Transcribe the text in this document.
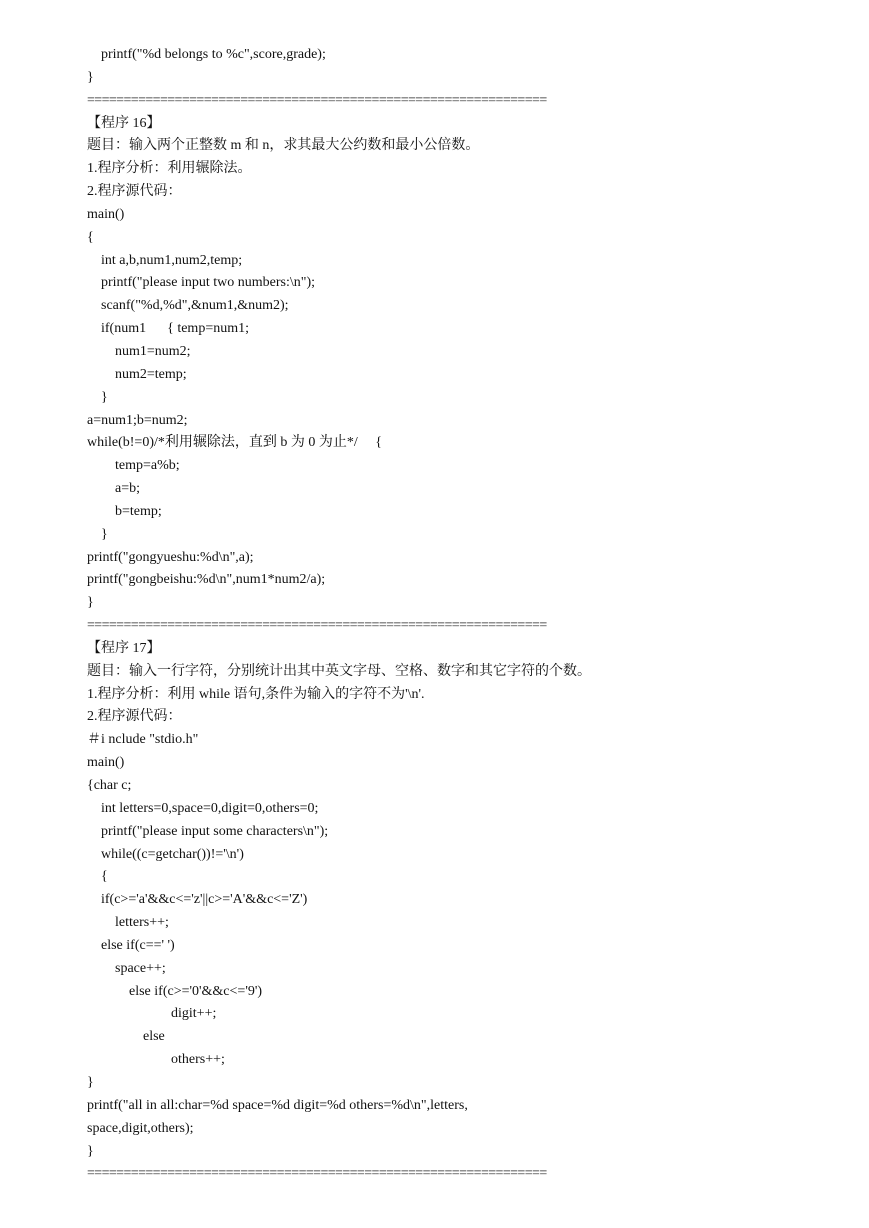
printf("%d belongs to %c",score,grade);
}
===============================================================
【程序 16】
题目：输入两个正整数 m 和 n，求其最大公约数和最小公倍数。
1.程序分析：利用辗除法。
2.程序源代码：
main()
{
int a,b,num1,num2,temp;
printf("please input two numbers:\n");
scanf("%d,%d",&num1,&num2);
if(num1      { temp=num1;
num1=num2;
num2=temp;
}
a=num1;b=num2;
while(b!=0)/*利用辗除法，直到 b 为 0 为止*/     {
temp=a%b;
a=b;
b=temp;
}
printf("gongyueshu:%d\n",a);
printf("gongbeishu:%d\n",num1*num2/a);
}
===============================================================
【程序 17】
题目：输入一行字符，分别统计出其中英文字母、空格、数字和其它字符的个数。
1.程序分析：利用 while 语句,条件为输入的字符不为'\n'.
2.程序源代码：
＃i nclude "stdio.h"
main()
{char c;
int letters=0,space=0,digit=0,others=0;
printf("please input some characters\n");
while((c=getchar())!='\n')
{
if(c>='a'&&c<='z'||c>='A'&&c<='Z')
letters++;
else if(c==' ')
space++;
else if(c>='0'&&c<='9')
digit++;
else
others++;
}
printf("all in all:char=%d space=%d digit=%d others=%d\n",letters,
space,digit,others);
}
===============================================================
